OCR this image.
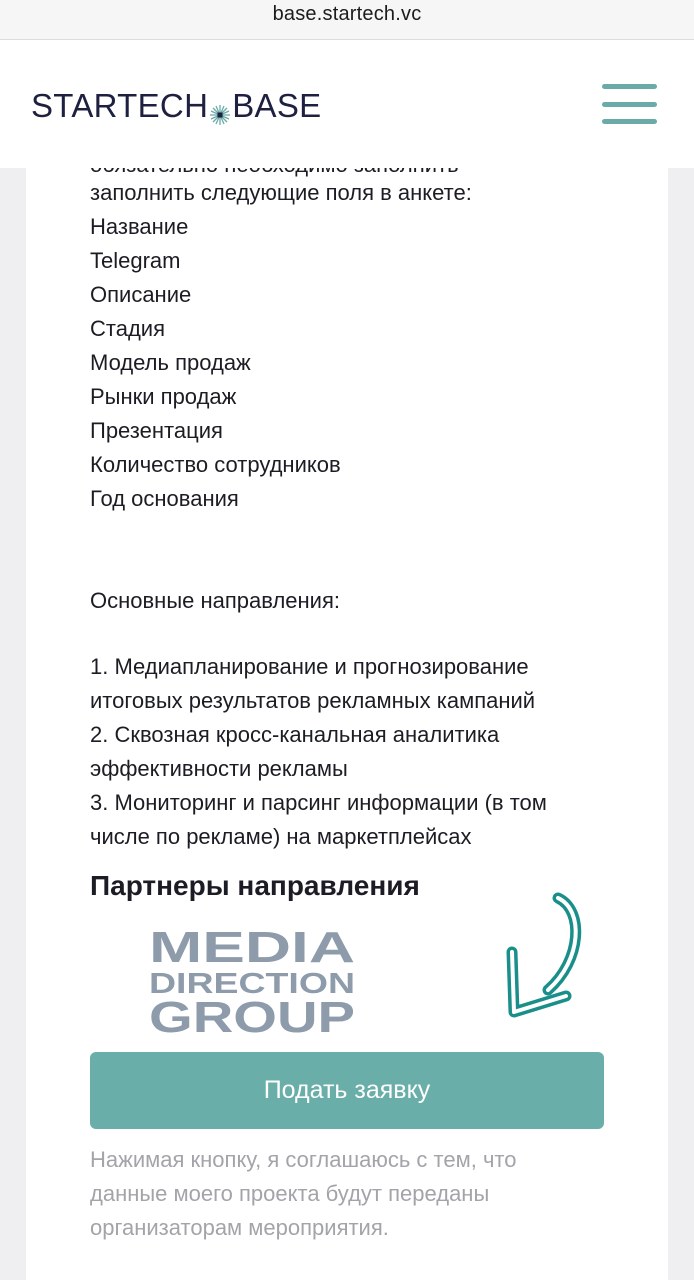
base.startech.vc
заполнить следующие поля в анкете:
Название
Telegram
Описание
Стадия
Модель продаж
Рынки продаж
Презентация
Количество сотрудников
Год основания
Основные направления:
1. Медиапланирование и прогнозирование
итоговых результатов рекламных кампаний
2. Сквозная кросс-канальная аналитика
эффективности рекламы
3. Мониторинг и парсинг информации (в том
числе по рекламе) на маркетплейсах
Партнеры направления
MEDIA
DIRECTION
GROUP
Подать заявку
Нажимая кнопку, я соглашаюсь с тем, что
данные моего проекта будут переданы
организаторам мероприятия.
STARTECH BASE
